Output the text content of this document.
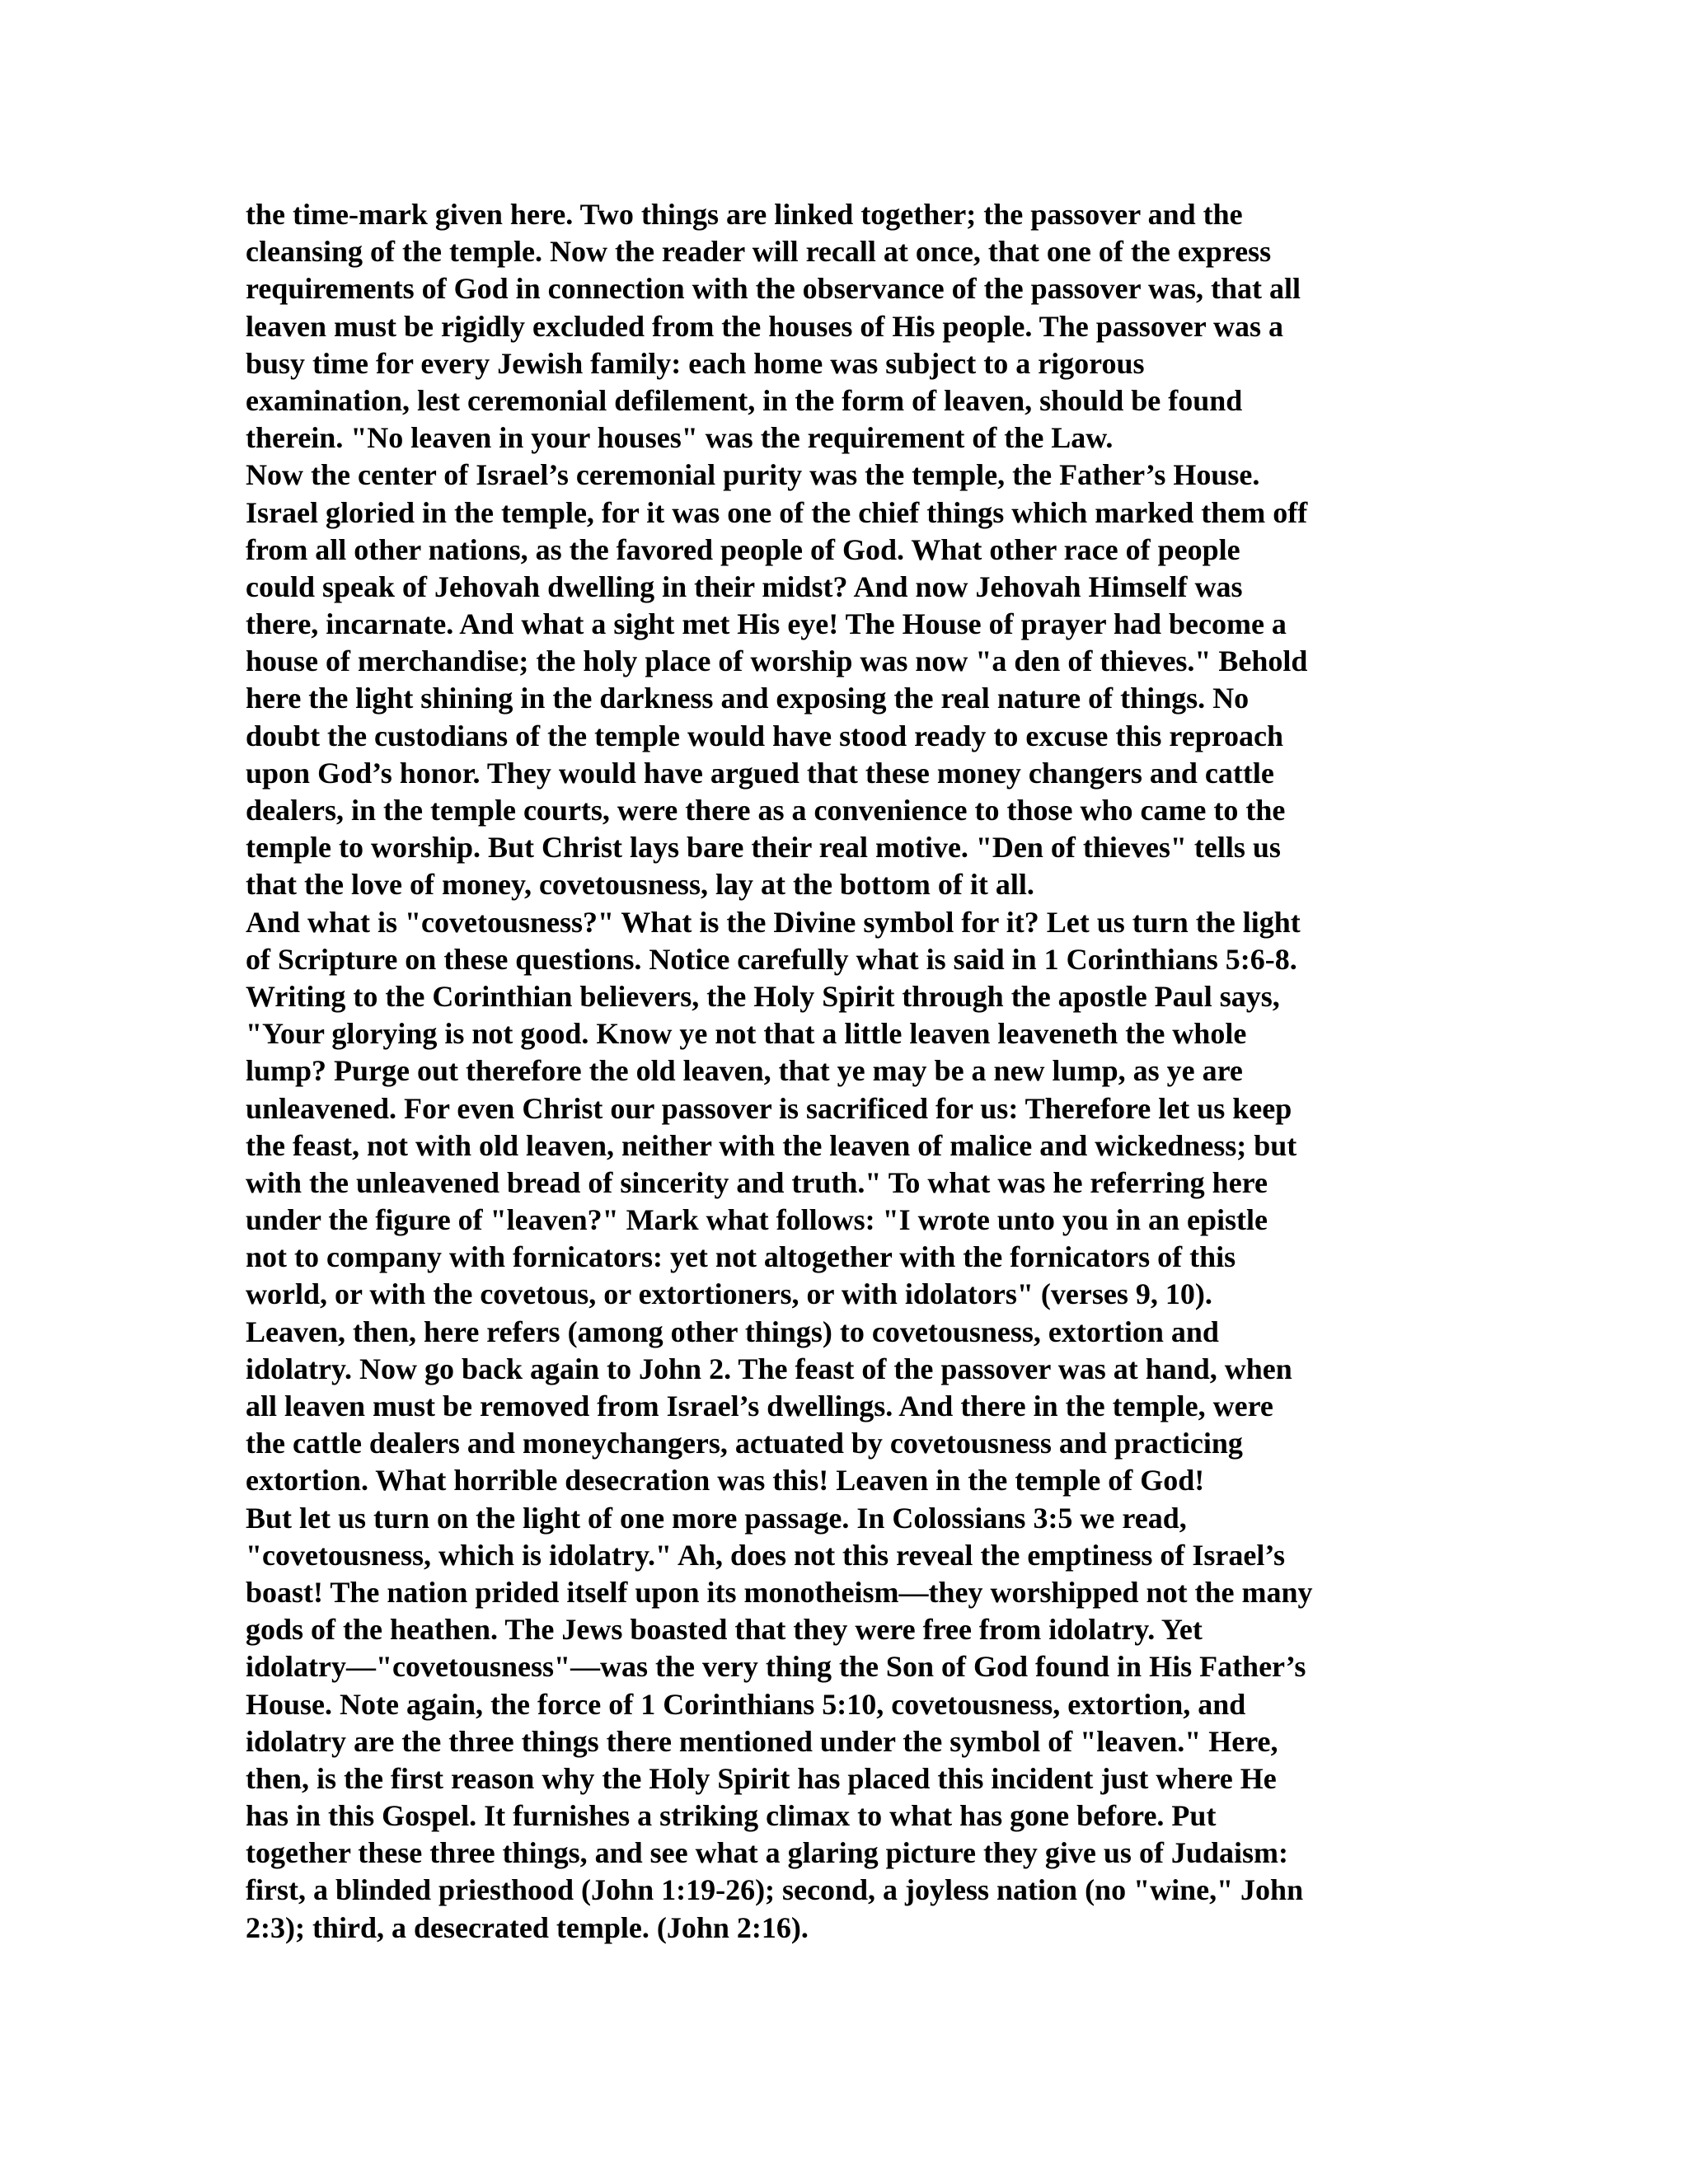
the time-mark given here. Two things are linked together; the passover and the
cleansing of the temple. Now the reader will recall at once, that one of the express
requirements of God in connection with the observance of the passover was, that all
leaven must be rigidly excluded from the houses of His people. The passover was a
busy time for every Jewish family: each home was subject to a rigorous
examination, lest ceremonial defilement, in the form of leaven, should be found
therein. "No leaven in your houses" was the requirement of the Law.
Now the center of Israel’s ceremonial purity was the temple, the Father’s House.
Israel gloried in the temple, for it was one of the chief things which marked them off
from all other nations, as the favored people of God. What other race of people
could speak of Jehovah dwelling in their midst? And now Jehovah Himself was
there, incarnate. And what a sight met His eye! The House of prayer had become a
house of merchandise; the holy place of worship was now "a den of thieves." Behold
here the light shining in the darkness and exposing the real nature of things. No
doubt the custodians of the temple would have stood ready to excuse this reproach
upon God’s honor. They would have argued that these money changers and cattle
dealers, in the temple courts, were there as a convenience to those who came to the
temple to worship. But Christ lays bare their real motive. "Den of thieves" tells us
that the love of money, covetousness, lay at the bottom of it all.
And what is "covetousness?" What is the Divine symbol for it? Let us turn the light
of Scripture on these questions. Notice carefully what is said in 1 Corinthians 5:6-8.
Writing to the Corinthian believers, the Holy Spirit through the apostle Paul says,
"Your glorying is not good. Know ye not that a little leaven leaveneth the whole
lump? Purge out therefore the old leaven, that ye may be a new lump, as ye are
unleavened. For even Christ our passover is sacrificed for us: Therefore let us keep
the feast, not with old leaven, neither with the leaven of malice and wickedness; but
with the unleavened bread of sincerity and truth." To what was he referring here
under the figure of "leaven?" Mark what follows: "I wrote unto you in an epistle
not to company with fornicators: yet not altogether with the fornicators of this
world, or with the covetous, or extortioners, or with idolators" (verses 9, 10).
Leaven, then, here refers (among other things) to covetousness, extortion and
idolatry. Now go back again to John 2. The feast of the passover was at hand, when
all leaven must be removed from Israel’s dwellings. And there in the temple, were
the cattle dealers and moneychangers, actuated by covetousness and practicing
extortion. What horrible desecration was this! Leaven in the temple of God!
But let us turn on the light of one more passage. In Colossians 3:5 we read,
"covetousness, which is idolatry." Ah, does not this reveal the emptiness of Israel’s
boast! The nation prided itself upon its monotheism—they worshipped not the many
gods of the heathen. The Jews boasted that they were free from idolatry. Yet
idolatry—"covetousness"—was the very thing the Son of God found in His Father’s
House. Note again, the force of 1 Corinthians 5:10, covetousness, extortion, and
idolatry are the three things there mentioned under the symbol of "leaven." Here,
then, is the first reason why the Holy Spirit has placed this incident just where He
has in this Gospel. It furnishes a striking climax to what has gone before. Put
together these three things, and see what a glaring picture they give us of Judaism:
first, a blinded priesthood (John 1:19-26); second, a joyless nation (no "wine," John
2:3); third, a desecrated temple. (John 2:16).
